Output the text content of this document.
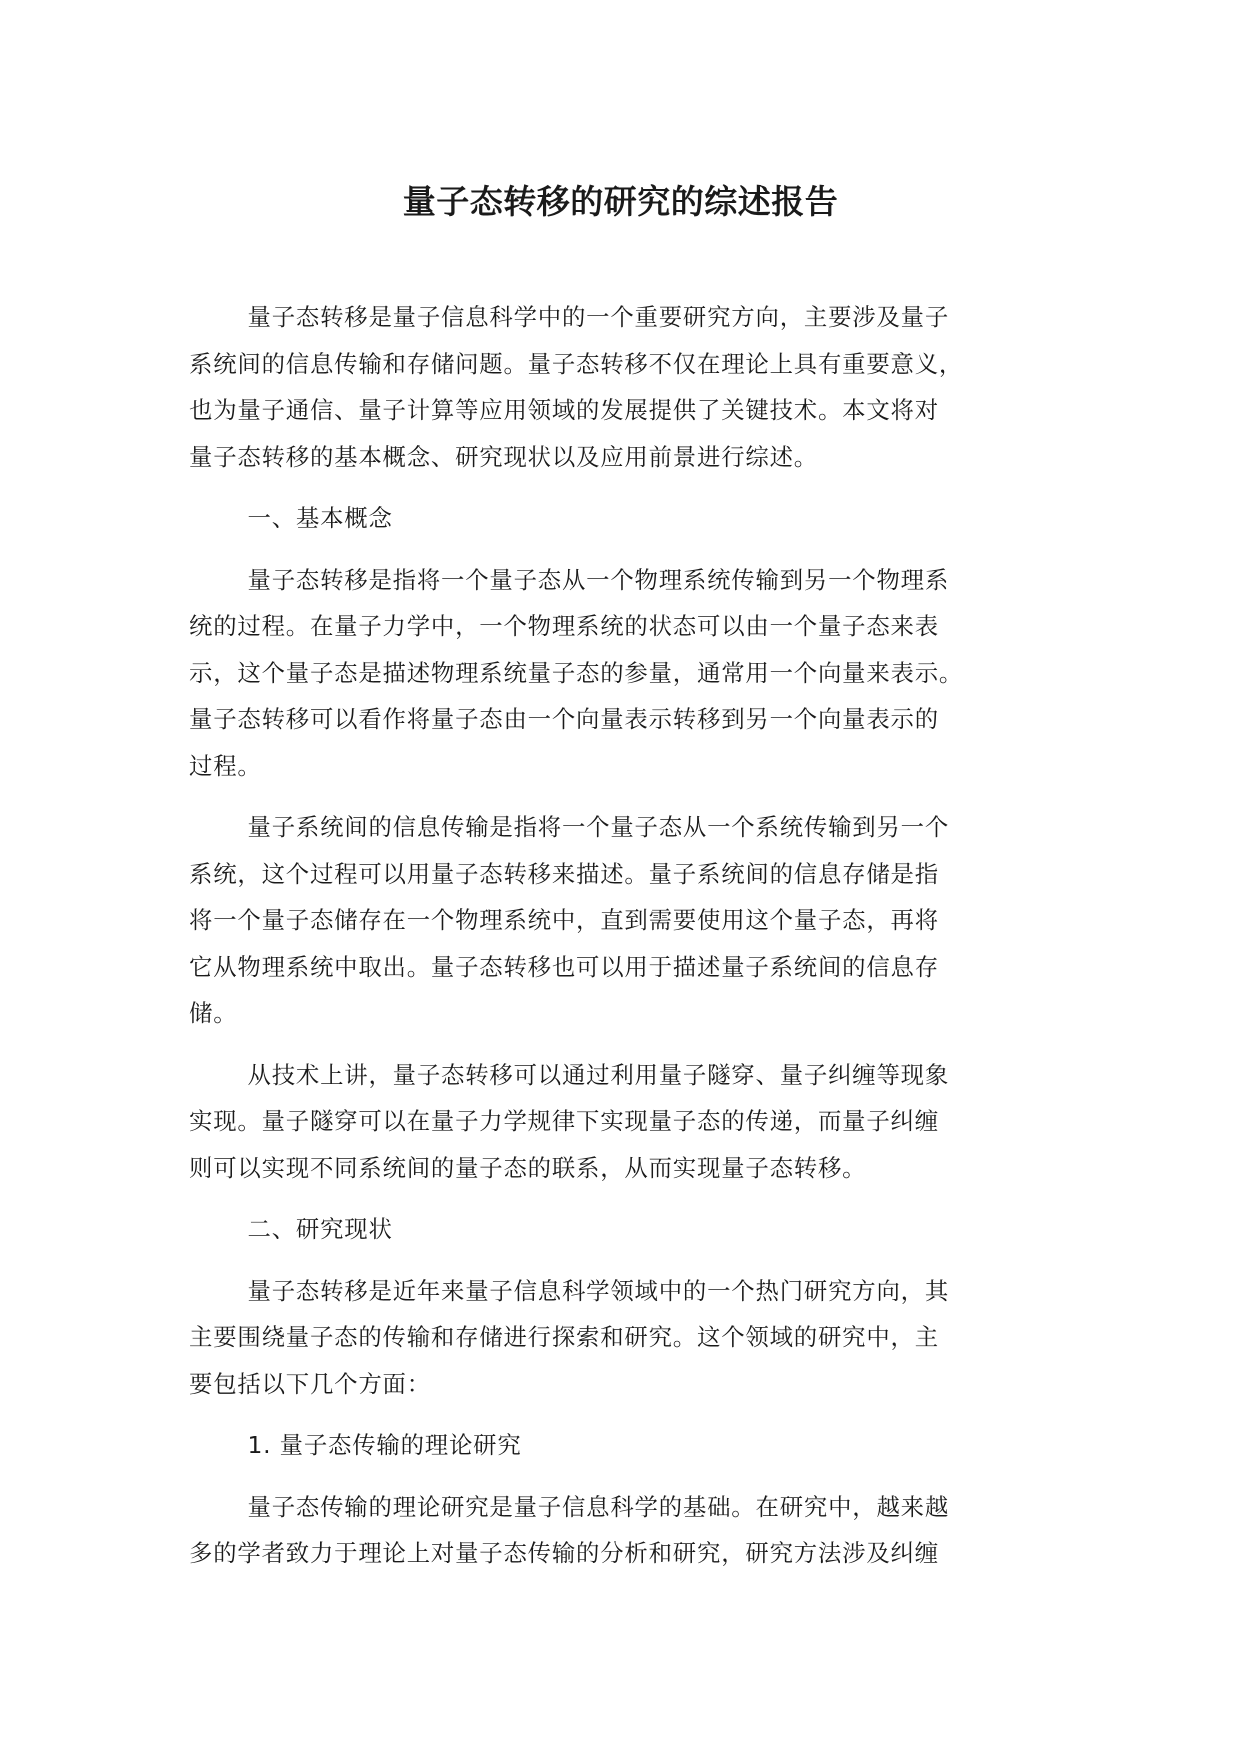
量子态转移的研究的综述报告
量子态转移是量子信息科学中的一个重要研究方向，主要涉及量子
系统间的信息传输和存储问题。量子态转移不仅在理论上具有重要意义，
也为量子通信、量子计算等应用领域的发展提供了关键技术。本文将对
量子态转移的基本概念、研究现状以及应用前景进行综述。
一、基本概念
量子态转移是指将一个量子态从一个物理系统传输到另一个物理系
统的过程。在量子力学中，一个物理系统的状态可以由一个量子态来表
示，这个量子态是描述物理系统量子态的参量，通常用一个向量来表示。
量子态转移可以看作将量子态由一个向量表示转移到另一个向量表示的
过程。
量子系统间的信息传输是指将一个量子态从一个系统传输到另一个
系统，这个过程可以用量子态转移来描述。量子系统间的信息存储是指
将一个量子态储存在一个物理系统中，直到需要使用这个量子态，再将
它从物理系统中取出。量子态转移也可以用于描述量子系统间的信息存
储。
从技术上讲，量子态转移可以通过利用量子隧穿、量子纠缠等现象
实现。量子隧穿可以在量子力学规律下实现量子态的传递，而量子纠缠
则可以实现不同系统间的量子态的联系，从而实现量子态转移。
二、研究现状
量子态转移是近年来量子信息科学领域中的一个热门研究方向，其
主要围绕量子态的传输和存储进行探索和研究。这个领域的研究中，主
要包括以下几个方面：
1. 量子态传输的理论研究
量子态传输的理论研究是量子信息科学的基础。在研究中，越来越
多的学者致力于理论上对量子态传输的分析和研究，研究方法涉及纠缠
